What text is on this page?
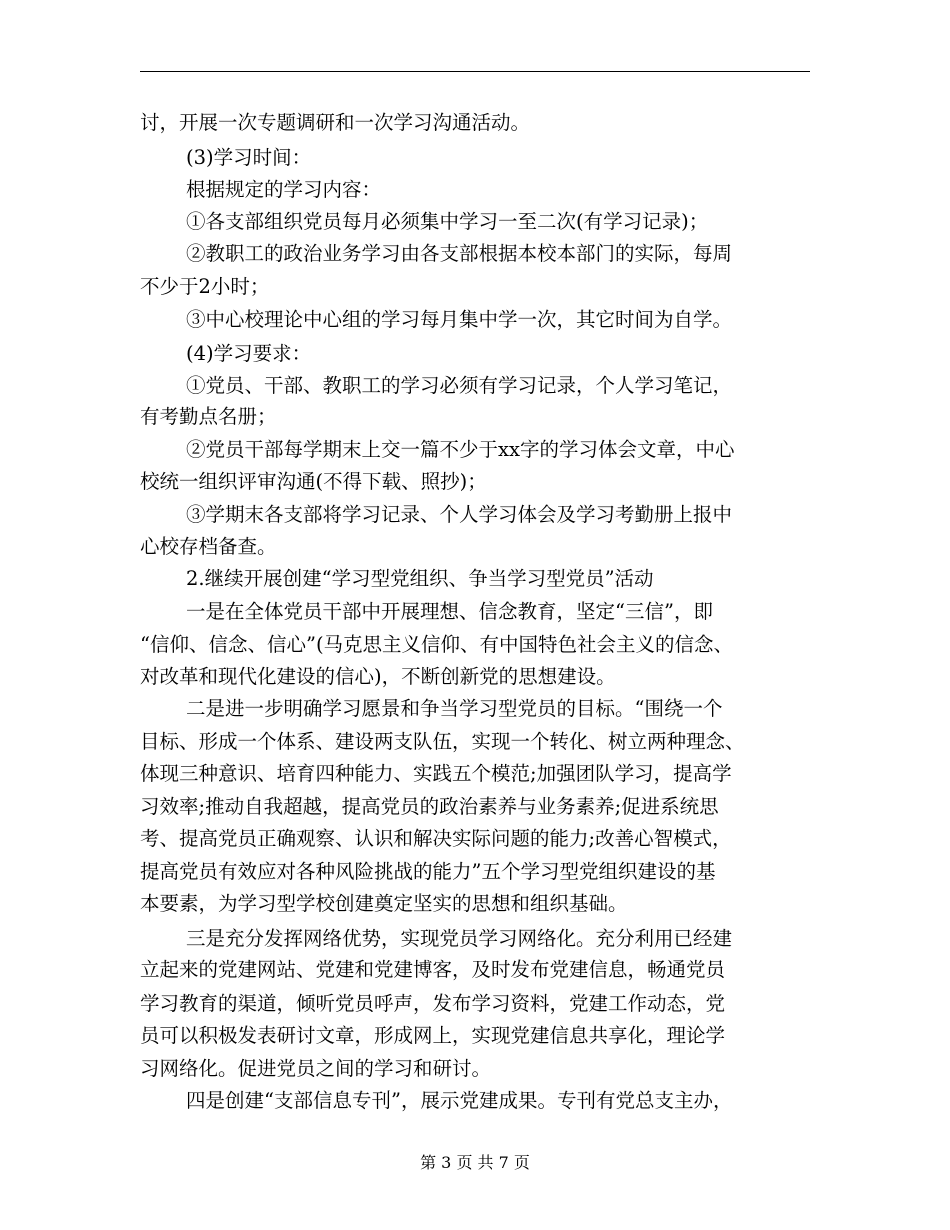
讨，开展一次专题调研和一次学习沟通活动。

(3)学习时间：

根据规定的学习内容：

①各支部组织党员每月必须集中学习一至二次(有学习记录)；

②教职工的政治业务学习由各支部根据本校本部门的实际，每周

不少于2小时；

③中心校理论中心组的学习每月集中学一次，其它时间为自学。

(4)学习要求：

①党员、干部、教职工的学习必须有学习记录，个人学习笔记，

有考勤点名册；

②党员干部每学期末上交一篇不少于xx字的学习体会文章，中心

校统一组织评审沟通(不得下载、照抄)；

③学期末各支部将学习记录、个人学习体会及学习考勤册上报中

心校存档备查。

2.继续开展创建“学习型党组织、争当学习型党员”活动

一是在全体党员干部中开展理想、信念教育，坚定“三信”，即

“信仰、信念、信心”(马克思主义信仰、有中国特色社会主义的信念、

对改革和现代化建设的信心)，不断创新党的思想建设。

二是进一步明确学习愿景和争当学习型党员的目标。“围绕一个

目标、形成一个体系、建设两支队伍，实现一个转化、树立两种理念、

体现三种意识、培育四种能力、实践五个模范;加强团队学习，提高学

习效率;推动自我超越，提高党员的政治素养与业务素养;促进系统思

考、提高党员正确观察、认识和解决实际问题的能力;改善心智模式，

提高党员有效应对各种风险挑战的能力”五个学习型党组织建设的基

本要素，为学习型学校创建奠定坚实的思想和组织基础。

三是充分发挥网络优势，实现党员学习网络化。充分利用已经建

立起来的党建网站、党建和党建博客，及时发布党建信息，畅通党员

学习教育的渠道，倾听党员呼声，发布学习资料，党建工作动态，党

员可以积极发表研讨文章，形成网上，实现党建信息共享化，理论学

习网络化。促进党员之间的学习和研讨。

四是创建“支部信息专刊”，展示党建成果。专刊有党总支主办，

第 3 页 共 7 页
